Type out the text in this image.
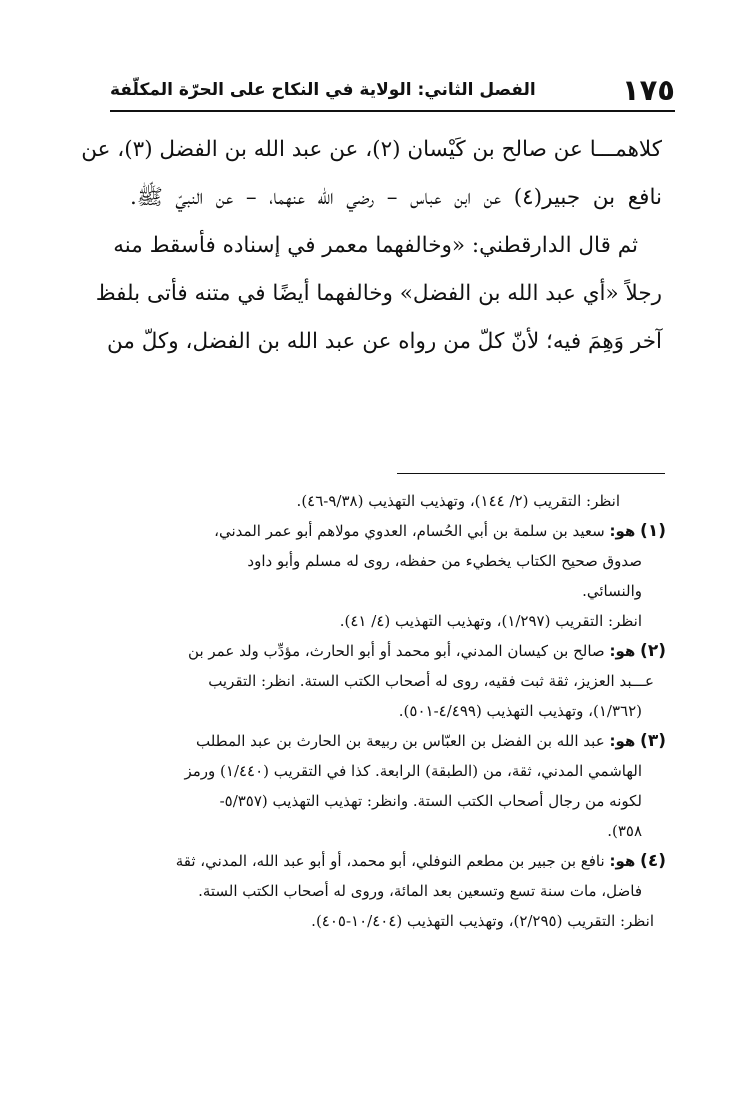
١٧٥
الفصل الثاني: الولاية في النكاح على الحرّة المكلّفة
كلاهمـــا عن صالح بن كَيْسان (٢)، عن عبد الله بن الفضل (٣)، عن
نافع بن جبير(٤) عن ابن عباس – رضي الله عنهما، – عن النبيّ ﷺ.
ثم قال الدارقطني: «وخالفهما معمر في إسناده فأسقط منه
رجلاً «أي عبد الله بن الفضل» وخالفهما أيضًا في متنه فأتى بلفظ
آخر وَهِمَ فيه؛ لأنّ كلّ من رواه عن عبد الله بن الفضل، وكلّ من
انظر: التقريب (٢/ ١٤٤)، وتهذيب التهذيب (٩/٣٨-٤٦).
(١) هو: سعيد بن سلمة بن أبي الحُسام، العدوي مولاهم أبو عمر المدني،
صدوق صحيح الكتاب يخطيء من حفظه، روى له مسلم وأبو داود
والنسائي.
انظر: التقريب (١/٢٩٧)، وتهذيب التهذيب (٤/ ٤١).
(٢) هو: صالح بن كيسان المدني، أبو محمد أو أبو الحارث، مؤدِّب ولد عمر بن
عـــبد العزيز، ثقة ثبت فقيه، روى له أصحاب الكتب الستة. انظر: التقريب
(١/٣٦٢)، وتهذيب التهذيب (٤/٤٩٩-٥٠١).
(٣) هو: عبد الله بن الفضل بن العبّاس بن ربيعة بن الحارث بن عبد المطلب
الهاشمي المدني، ثقة، من (الطبقة) الرابعة. كذا في التقريب (١/٤٤٠) ورمز
لكونه من رجال أصحاب الكتب الستة. وانظر: تهذيب التهذيب (٥/٣٥٧-
٣٥٨).
(٤) هو: نافع بن جبير بن مطعم النوفلي، أبو محمد، أو أبو عبد الله، المدني، ثقة
فاضل، مات سنة تسع وتسعين بعد المائة، وروى له أصحاب الكتب الستة.
انظر: التقريب (٢/٢٩٥)، وتهذيب التهذيب (١٠/٤٠٤-٤٠٥).
